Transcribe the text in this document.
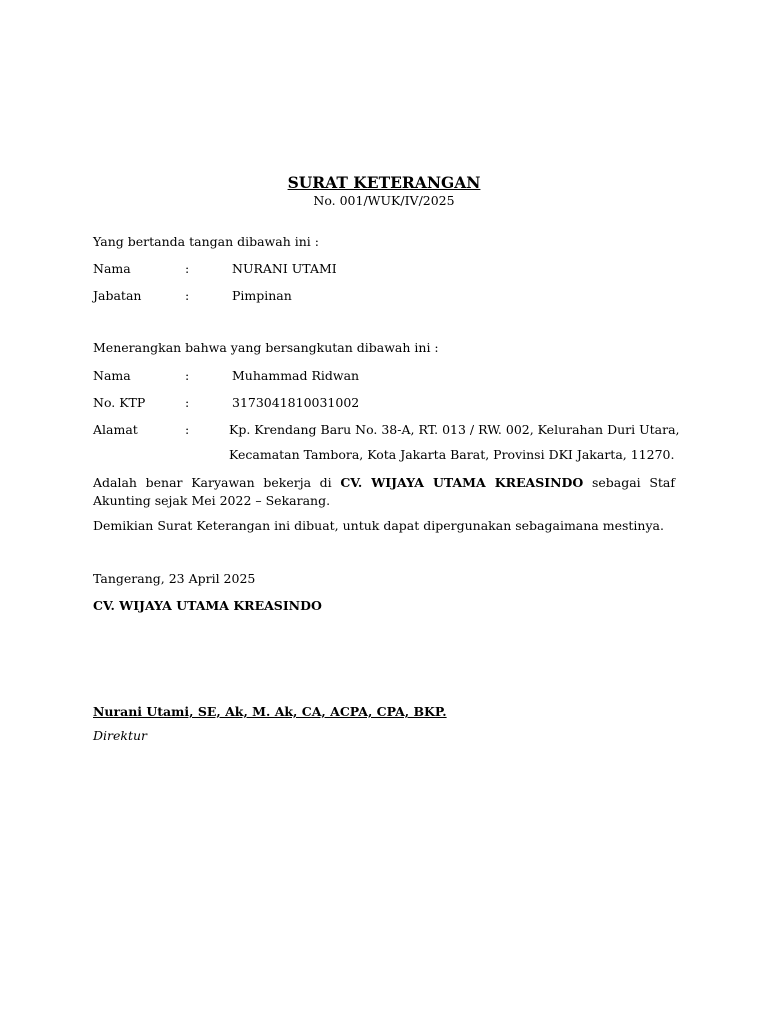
SURAT KETERANGAN
No. 001/WUK/IV/2025
Yang bertanda tangan dibawah ini :
Nama	:	NURANI UTAMI
Jabatan	:	Pimpinan
Menerangkan bahwa yang bersangkutan dibawah ini :
Nama	:	Muhammad Ridwan
No. KTP	:	3173041810031002
Alamat	:	Kp. Krendang Baru No. 38-A, RT. 013 / RW. 002, Kelurahan Duri Utara,
Kecamatan Tambora, Kota Jakarta Barat, Provinsi DKI Jakarta, 11270.
Adalah benar Karyawan bekerja di CV. WIJAYA UTAMA KREASINDO sebagai Staf Akunting sejak Mei 2022 – Sekarang.
Demikian Surat Keterangan ini dibuat, untuk dapat dipergunakan sebagaimana mestinya.
Tangerang, 23 April 2025
CV. WIJAYA UTAMA KREASINDO
Nurani Utami, SE, Ak, M. Ak, CA, ACPA, CPA, BKP.
Direktur
